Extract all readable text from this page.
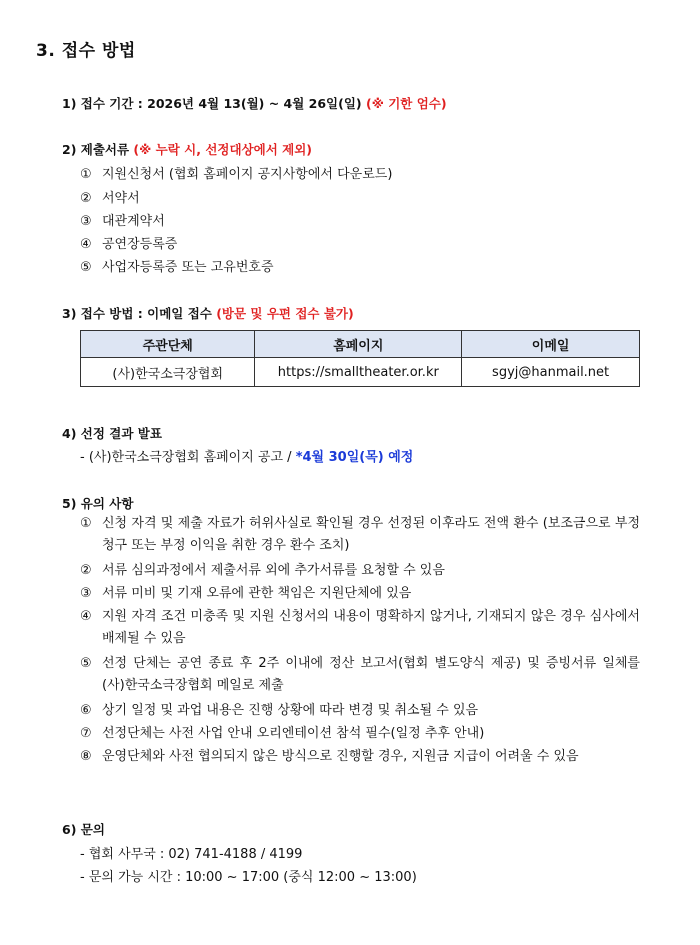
3. 접수 방법
1) 접수 기간 : 2026년 4월 13(월) ~ 4월 26일(일) (※ 기한 엄수)
2) 제출서류 (※ 누락 시, 선정대상에서 제외)
① 지원신청서 (협회 홈페이지 공지사항에서 다운로드)
② 서약서
③ 대관계약서
④ 공연장등록증
⑤ 사업자등록증 또는 고유번호증
3) 접수 방법 : 이메일 접수 (방문 및 우편 접수 불가)
주관단체	홈페이지	이메일
(사)한국소극장협회	https://smalltheater.or.kr	sgyj@hanmail.net
4) 선정 결과 발표
- (사)한국소극장협회 홈페이지 공고 / *4월 30일(목) 예정
5) 유의 사항
① 신청 자격 및 제출 자료가 허위사실로 확인될 경우 선정된 이후라도 전액 환수 (보조금으로 부정 청구 또는 부정 이익을 취한 경우 환수 조치)
② 서류 심의과정에서 제출서류 외에 추가서류를 요청할 수 있음
③ 서류 미비 및 기재 오류에 관한 책임은 지원단체에 있음
④ 지원 자격 조건 미충족 및 지원 신청서의 내용이 명확하지 않거나, 기재되지 않은 경우 심사에서 배제될 수 있음
⑤ 선정 단체는 공연 종료 후 2주 이내에 정산 보고서(협회 별도양식 제공) 및 증빙서류 일체를 (사)한국소극장협회 메일로 제출
⑥ 상기 일정 및 과업 내용은 진행 상황에 따라 변경 및 취소될 수 있음
⑦ 선정단체는 사전 사업 안내 오리엔테이션 참석 필수(일정 추후 안내)
⑧ 운영단체와 사전 협의되지 않은 방식으로 진행할 경우, 지원금 지급이 어려울 수 있음
6) 문의
- 협회 사무국 : 02) 741-4188 / 4199
- 문의 가능 시간 : 10:00 ~ 17:00 (중식 12:00 ~ 13:00)
